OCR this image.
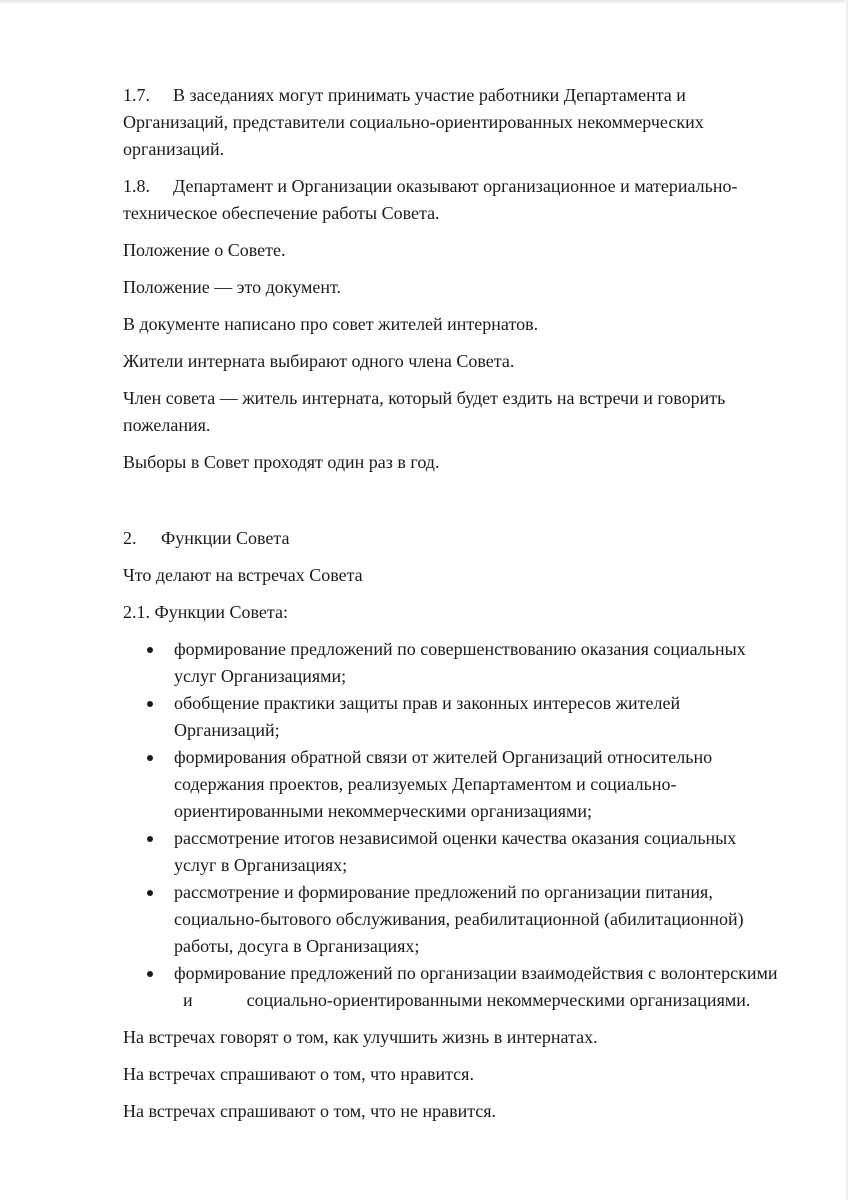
1.7. В заседаниях могут принимать участие работники Департамента и Организаций, представители социально-ориентированных некоммерческих организаций.

1.8. Департамент и Организации оказывают организационное и материально-техническое обеспечение работы Совета.

Положение о Совете.

Положение — это документ.

В документе написано про совет жителей интернатов.

Жители интерната выбирают одного члена Совета.

Член совета — житель интерната, который будет ездить на встречи и говорить пожелания.

Выборы в Совет проходят один раз в год.

2. Функции Совета

Что делают на встречах Совета

2.1. Функции Совета:

формирование предложений по совершенствованию оказания социальных услуг Организациями;
обобщение практики защиты прав и законных интересов жителей Организаций;
формирования обратной связи от жителей Организаций относительно содержания проектов, реализуемых Департаментом и социально-ориентированными некоммерческими организациями;
рассмотрение итогов независимой оценки качества оказания социальных услуг в Организациях;
рассмотрение и формирование предложений по организации питания, социально-бытового обслуживания, реабилитационной (абилитационной) работы, досуга в Организациях;
формирование предложений по организации взаимодействия с волонтерскими   и	социально-ориентированными некоммерческими организациями.

На встречах говорят о том, как улучшить жизнь в интернатах.

На встречах спрашивают о том, что нравится.

На встречах спрашивают о том, что не нравится.
